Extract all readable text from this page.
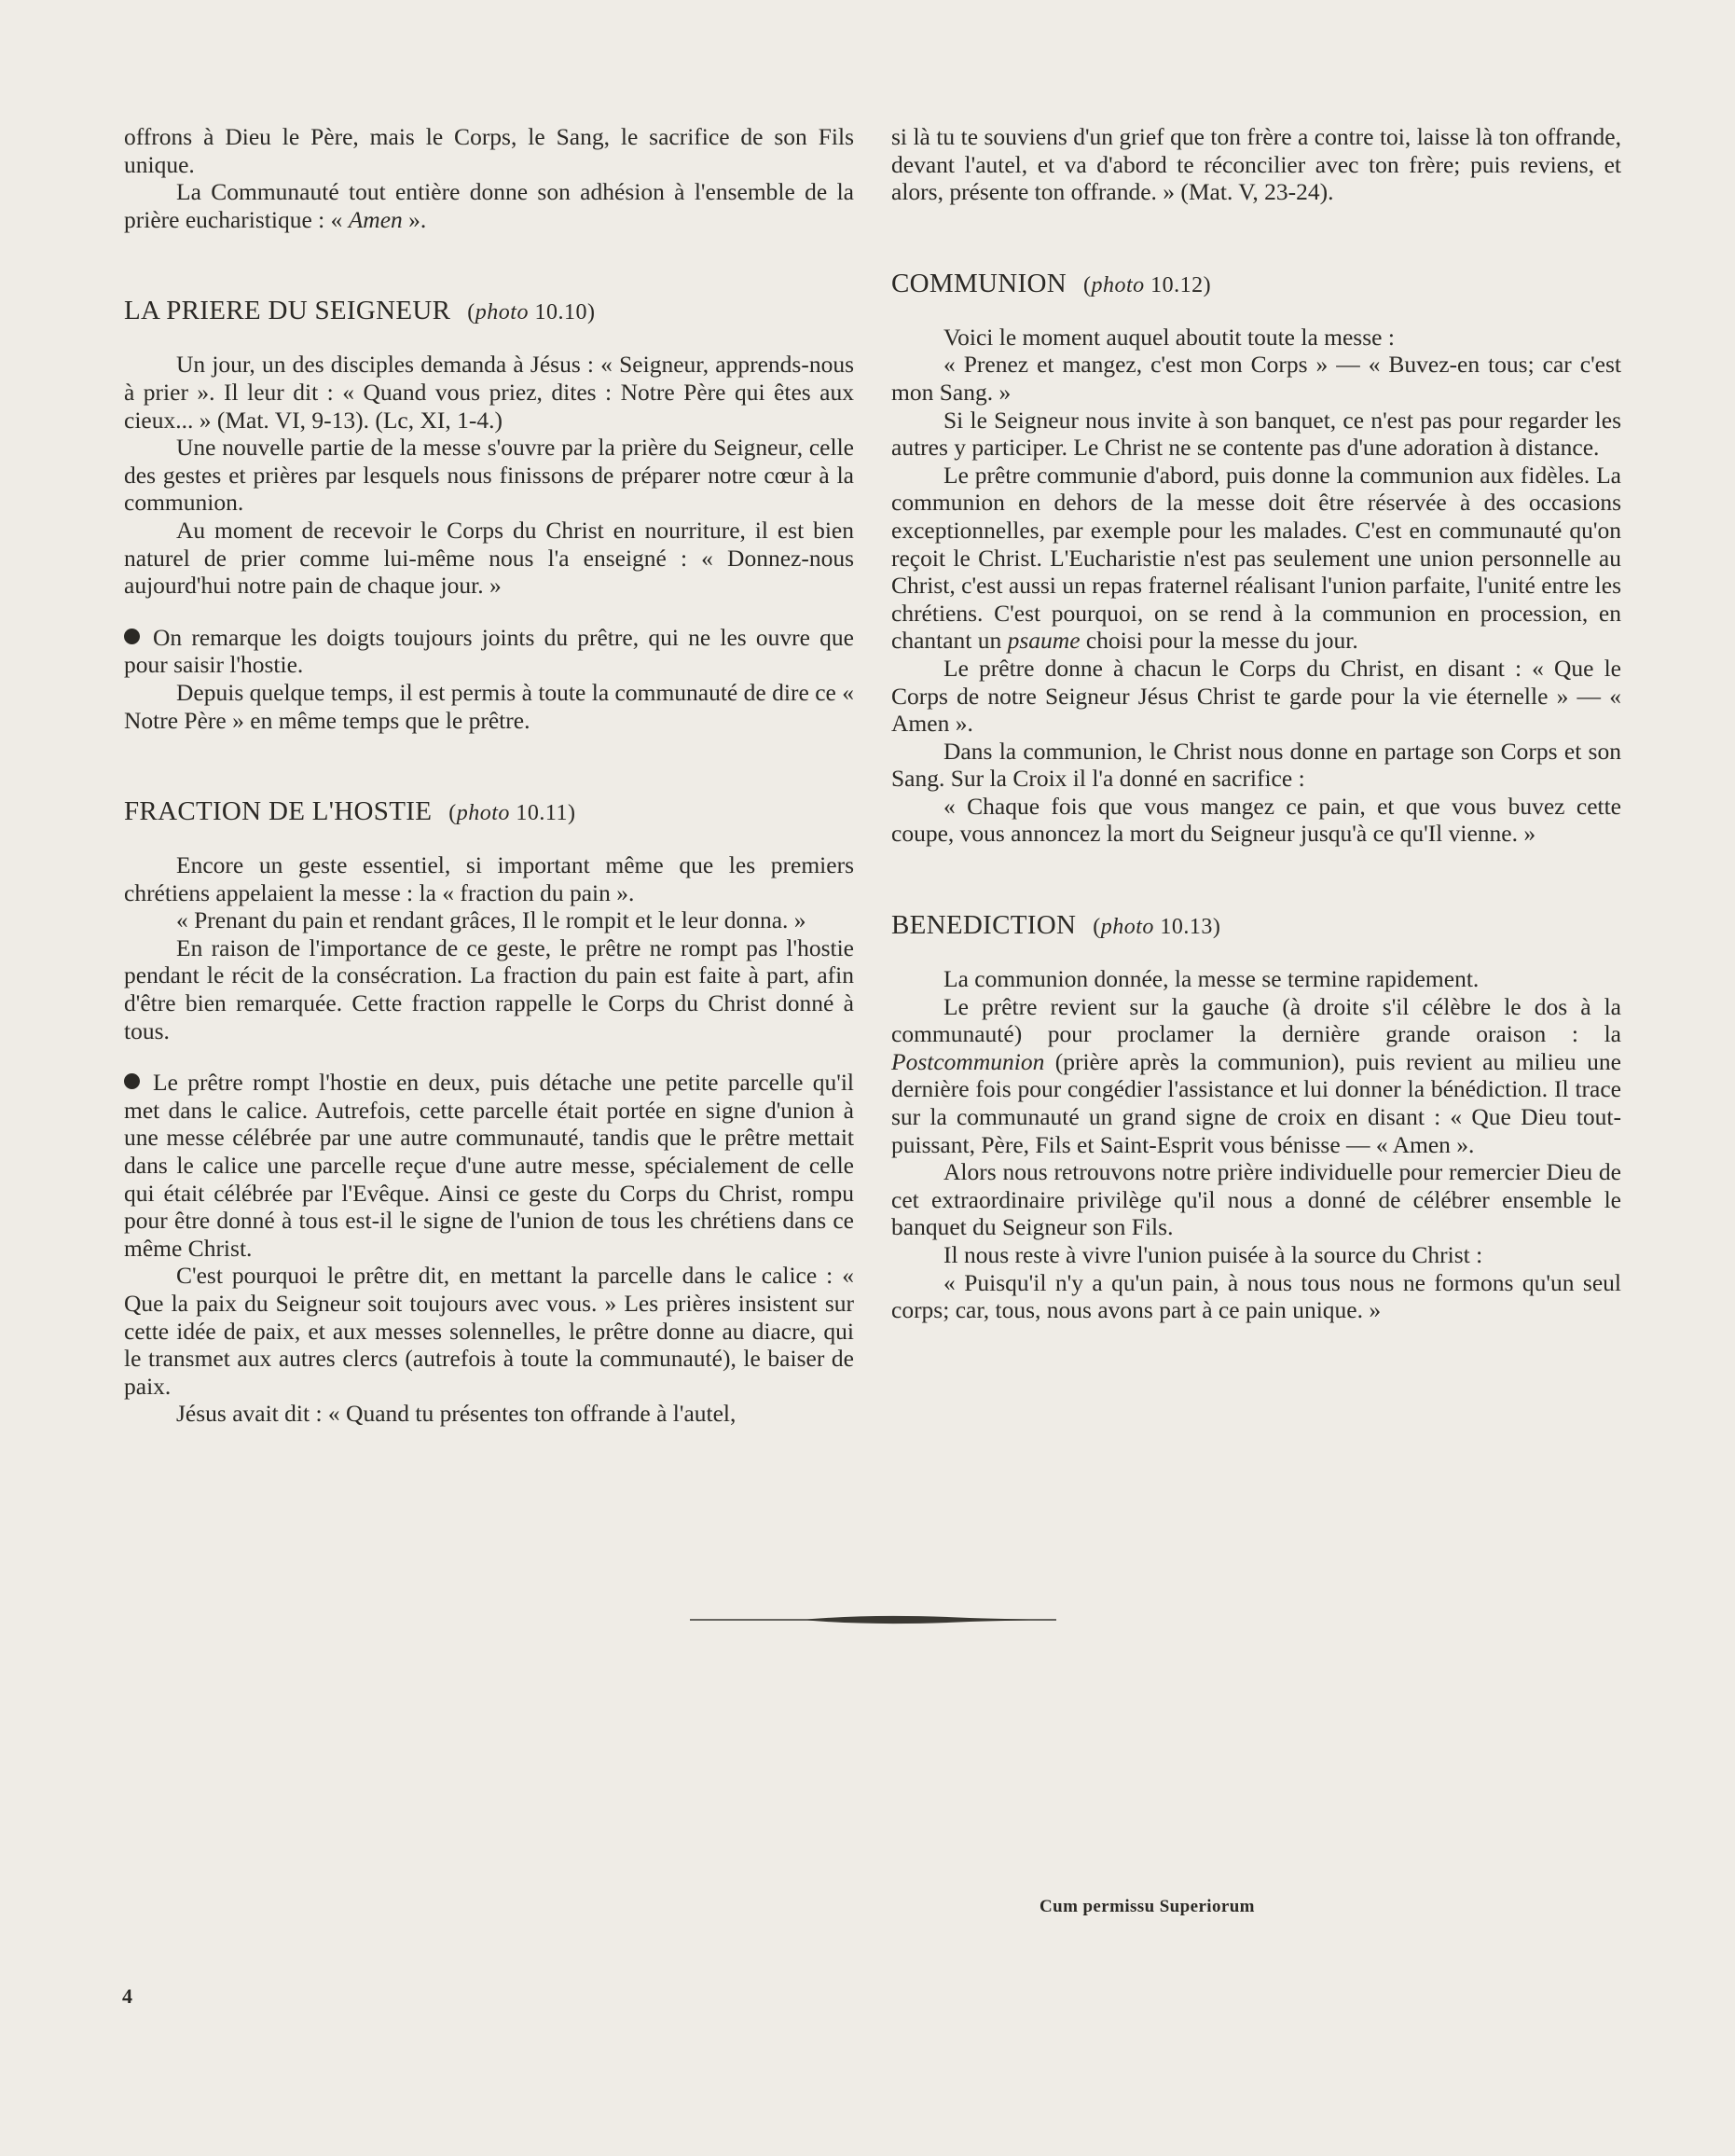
offrons à Dieu le Père, mais le Corps, le Sang, le sacrifice de son Fils unique.

La Communauté tout entière donne son adhésion à l'ensemble de la prière eucharistique : « Amen ».

LA PRIERE DU SEIGNEUR (photo 10.10)

Un jour, un des disciples demanda à Jésus : « Seigneur, apprends-nous à prier ». Il leur dit : « Quand vous priez, dites : Notre Père qui êtes aux cieux... » (Mat. VI, 9-13). (Lc, XI, 1-4.)

Une nouvelle partie de la messe s'ouvre par la prière du Seigneur, celle des gestes et prières par lesquels nous finissons de préparer notre cœur à la communion.

Au moment de recevoir le Corps du Christ en nourriture, il est bien naturel de prier comme lui-même nous l'a enseigné : « Donnez-nous aujourd'hui notre pain de chaque jour. »

On remarque les doigts toujours joints du prêtre, qui ne les ouvre que pour saisir l'hostie.

Depuis quelque temps, il est permis à toute la communauté de dire ce « Notre Père » en même temps que le prêtre.

FRACTION DE L'HOSTIE (photo 10.11)

Encore un geste essentiel, si important même que les premiers chrétiens appelaient la messe : la « fraction du pain ».

« Prenant du pain et rendant grâces, Il le rompit et le leur donna. »

En raison de l'importance de ce geste, le prêtre ne rompt pas l'hostie pendant le récit de la consécration. La fraction du pain est faite à part, afin d'être bien remarquée. Cette fraction rappelle le Corps du Christ donné à tous.

Le prêtre rompt l'hostie en deux, puis détache une petite parcelle qu'il met dans le calice. Autrefois, cette parcelle était portée en signe d'union à une messe célébrée par une autre communauté, tandis que le prêtre mettait dans le calice une parcelle reçue d'une autre messe, spécialement de celle qui était célébrée par l'Evêque. Ainsi ce geste du Corps du Christ, rompu pour être donné à tous est-il le signe de l'union de tous les chrétiens dans ce même Christ.

C'est pourquoi le prêtre dit, en mettant la parcelle dans le calice : « Que la paix du Seigneur soit toujours avec vous. » Les prières insistent sur cette idée de paix, et aux messes solennelles, le prêtre donne au diacre, qui le transmet aux autres clercs (autrefois à toute la communauté), le baiser de paix.

Jésus avait dit : « Quand tu présentes ton offrande à l'autel,

si là tu te souviens d'un grief que ton frère a contre toi, laisse là ton offrande, devant l'autel, et va d'abord te réconcilier avec ton frère; puis reviens, et alors, présente ton offrande. » (Mat. V, 23-24).

COMMUNION (photo 10.12)

Voici le moment auquel aboutit toute la messe :

« Prenez et mangez, c'est mon Corps » — « Buvez-en tous; car c'est mon Sang. »

Si le Seigneur nous invite à son banquet, ce n'est pas pour regarder les autres y participer. Le Christ ne se contente pas d'une adoration à distance.

Le prêtre communie d'abord, puis donne la communion aux fidèles. La communion en dehors de la messe doit être réservée à des occasions exceptionnelles, par exemple pour les malades. C'est en communauté qu'on reçoit le Christ. L'Eucharistie n'est pas seulement une union personnelle au Christ, c'est aussi un repas fraternel réalisant l'union parfaite, l'unité entre les chrétiens. C'est pourquoi, on se rend à la communion en procession, en chantant un psaume choisi pour la messe du jour.

Le prêtre donne à chacun le Corps du Christ, en disant : « Que le Corps de notre Seigneur Jésus Christ te garde pour la vie éternelle » — « Amen ».

Dans la communion, le Christ nous donne en partage son Corps et son Sang. Sur la Croix il l'a donné en sacrifice :

« Chaque fois que vous mangez ce pain, et que vous buvez cette coupe, vous annoncez la mort du Seigneur jusqu'à ce qu'Il vienne. »

BENEDICTION (photo 10.13)

La communion donnée, la messe se termine rapidement.

Le prêtre revient sur la gauche (à droite s'il célèbre le dos à la communauté) pour proclamer la dernière grande oraison : la Postcommunion (prière après la communion), puis revient au milieu une dernière fois pour congédier l'assistance et lui donner la bénédiction. Il trace sur la communauté un grand signe de croix en disant : « Que Dieu tout-puissant, Père, Fils et Saint-Esprit vous bénisse — « Amen ».

Alors nous retrouvons notre prière individuelle pour remercier Dieu de cet extraordinaire privilège qu'il nous a donné de célébrer ensemble le banquet du Seigneur son Fils.

Il nous reste à vivre l'union puisée à la source du Christ :

« Puisqu'il n'y a qu'un pain, à nous tous nous ne formons qu'un seul corps; car, tous, nous avons part à ce pain unique. »

Cum permissu Superiorum
4
